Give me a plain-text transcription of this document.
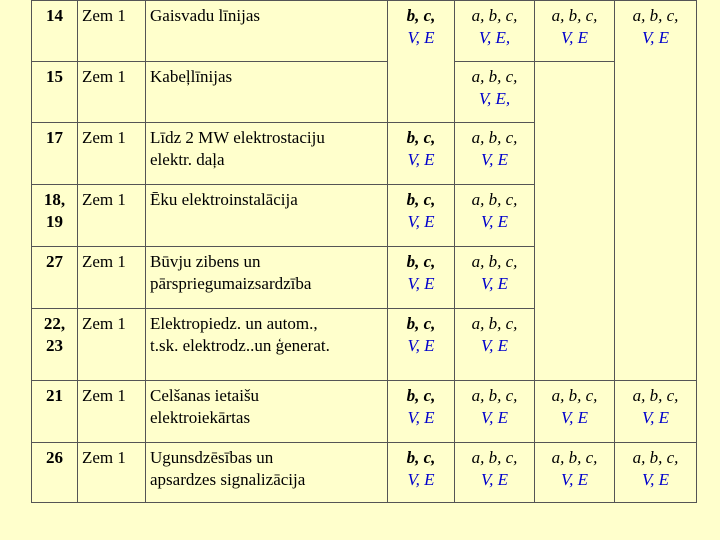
14	Zem 1	Gaisvadu līnijas	b, c,
V, E	a, b, c,
V, E,	a, b, c,
V, E	a, b, c,
V, E

15	Zem 1	Kabeļlīnijas		a, b, c,
V, E,		

17	Zem 1	Līdz 2 MW elektrostaciju
elektr. daļa	b, c,
V, E	a, b, c,
V, E		

18,
19	Zem 1	Ēku elektroinstalācija	b, c,
V, E	a, b, c,
V, E		

27	Zem 1	Būvju zibens un
pārspriegumaizsardzība	b, c,
V, E	a, b, c,
V, E		

22,
23	Zem 1	Elektropiedz. un autom.,
t.sk. elektrodz..un ģenerat.	b, c,
V, E	a, b, c,
V, E		

21	Zem 1	Celšanas ietaišu
elektroiekārtas	b, c,
V, E	a, b, c,
V, E	a, b, c,
V, E	a, b, c,
V, E

26	Zem 1	Ugunsdzēsības un
apsardzes signalizācija	b, c,
V, E	a, b, c,
V, E	a, b, c,
V, E	a, b, c,
V, E
